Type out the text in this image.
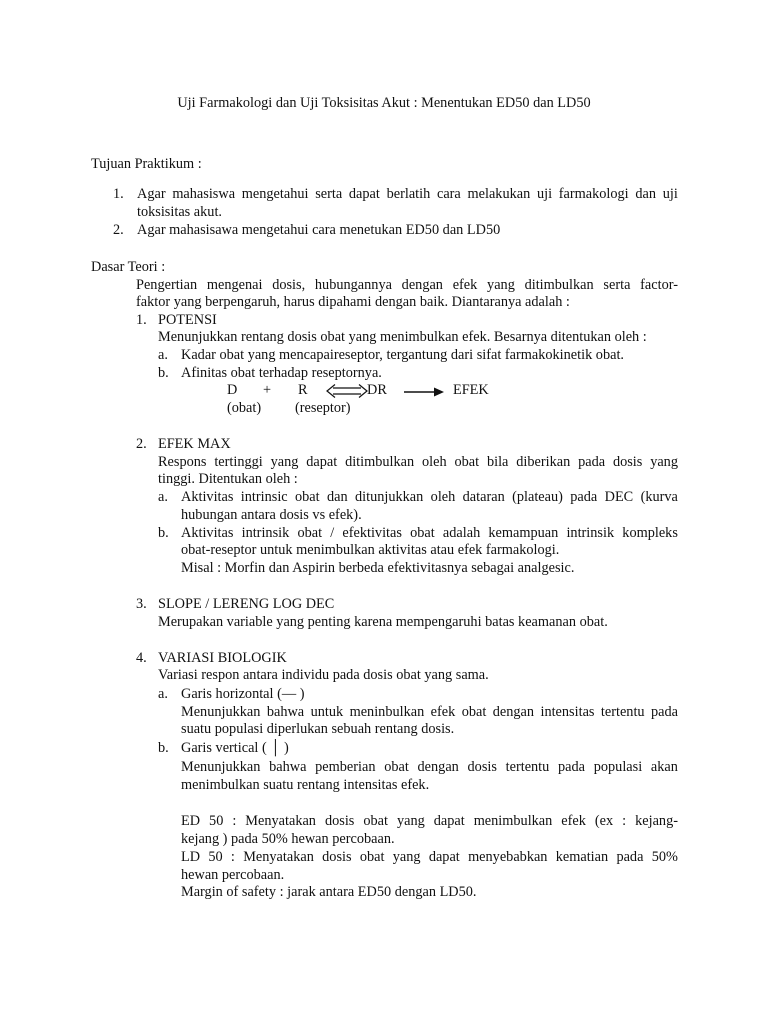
Uji Farmakologi dan Uji Toksisitas Akut : Menentukan ED50 dan LD50
Tujuan Praktikum :
1. Agar mahasiswa mengetahui serta dapat berlatih cara melakukan uji farmakologi dan uji
toksisitas akut.
2. Agar mahasisawa mengetahui cara menetukan ED50 dan LD50
Dasar Teori :
Pengertian mengenai dosis, hubungannya dengan efek yang ditimbulkan serta factor-
faktor yang berpengaruh, harus dipahami dengan baik. Diantaranya adalah :
1. POTENSI
Menunjukkan rentang dosis obat yang menimbulkan efek. Besarnya ditentukan oleh :
a. Kadar obat yang mencapaireseptor, tergantung dari sifat farmakokinetik obat.
b. Afinitas obat terhadap reseptornya.
D + R	DR	EFEK
(obat) (reseptor)
2. EFEK MAX
Respons tertinggi yang dapat ditimbulkan oleh obat bila diberikan pada dosis yang
tinggi. Ditentukan oleh :
a. Aktivitas intrinsic obat dan ditunjukkan oleh dataran (plateau) pada DEC (kurva
hubungan antara dosis vs efek).
b. Aktivitas intrinsik obat / efektivitas obat adalah kemampuan intrinsik kompleks
obat-reseptor untuk menimbulkan aktivitas atau efek farmakologi.
Misal : Morfin dan Aspirin berbeda efektivitasnya sebagai analgesic.
3. SLOPE / LERENG LOG DEC
Merupakan variable yang penting karena mempengaruhi batas keamanan obat.
4. VARIASI BIOLOGIK
Variasi respon antara individu pada dosis obat yang sama.
a. Garis horizontal (— )
Menunjukkan bahwa untuk meninbulkan efek obat dengan intensitas tertentu pada
suatu populasi diperlukan sebuah rentang dosis.
b. Garis vertical ( │ )
Menunjukkan bahwa pemberian obat dengan dosis tertentu pada populasi akan
menimbulkan suatu rentang intensitas efek.
ED 50 : Menyatakan dosis obat yang dapat menimbulkan efek (ex : kejang-
kejang ) pada 50% hewan percobaan.
LD 50 : Menyatakan dosis obat yang dapat menyebabkan kematian pada 50%
hewan percobaan.
Margin of safety : jarak antara ED50 dengan LD50.
